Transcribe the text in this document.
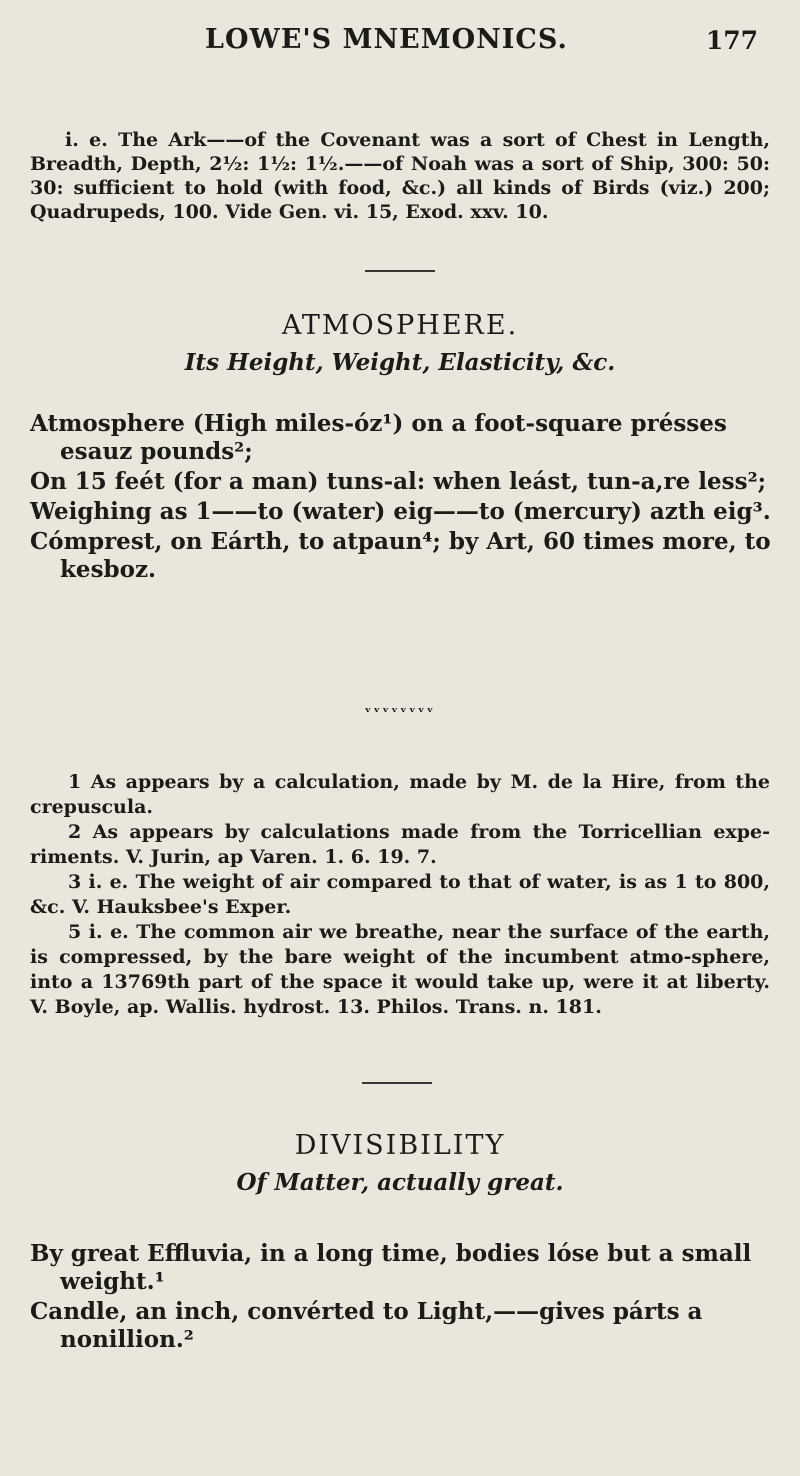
LOWE'S MNEMONICS.	177

i. e. The Ark——of the Covenant was a sort of Chest in Length, Breadth, Depth, 2½: 1½: 1½.——of Noah was a sort of Ship, 300: 50: 30: sufficient to hold (with food, &c.) all kinds of Birds (viz.) 200; Quadrupeds, 100. Vide Gen. vi. 15, Exod. xxv. 10.

ATMOSPHERE.
Its Height, Weight, Elasticity, &c.
Atmosphere (High miles-óz¹) on a foot-square présses esauz pounds²;
On 15 feét (for a man) tuns-al: when leást, tun-a,re less²;
Weighing as 1——to (water) eig——to (mercury) azth eig³.
Cómprest, on Eárth, to atpaun⁴; by Art, 60 times more, to kesboz.
ᵛᵛᵛᵛᵛᵛᵛᵛ

1 As appears by a calculation, made by M. de la Hire, from the crepuscula.

2 As appears by calculations made from the Torricellian expe-riments. V. Jurin, ap Varen. 1. 6. 19. 7.

3 i. e. The weight of air compared to that of water, is as 1 to 800, &c. V. Hauksbee's Exper.

5 i. e. The common air we breathe, near the surface of the earth, is compressed, by the bare weight of the incumbent atmo-sphere, into a 13769th part of the space it would take up, were it at liberty. V. Boyle, ap. Wallis. hydrost. 13. Philos. Trans. n. 181.

DIVISIBILITY
Of Matter, actually great.
By great Effluvia, in a long time, bodies lóse but a small weight.¹
Candle, an inch, convérted to Light,——gives párts a nonillion.²
